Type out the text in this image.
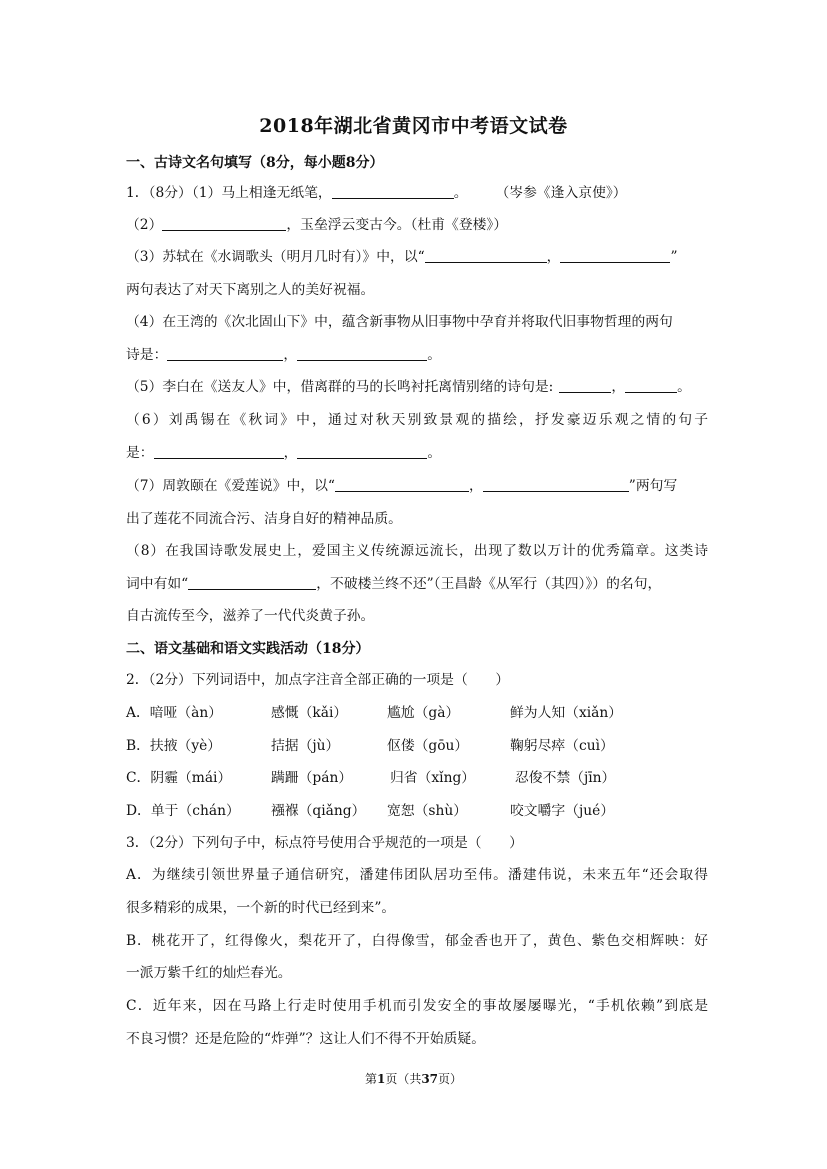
2018年湖北省黄冈市中考语文试卷
一、古诗文名句填写（8分，每小题8分）
1．（8分）（1）马上相逢无纸笔，	。 （岑参《逢入京使》）
（2）	，玉垒浮云变古今。（杜甫《登楼》）
（3）苏轼在《水调歌头（明月几时有）》中，以“	，	”
两句表达了对天下离别之人的美好祝福。
（4）在王湾的《次北固山下》中，蕴含新事物从旧事物中孕育并将取代旧事物哲理的两句
诗是：	，	。
（5）李白在《送友人》中，借离群的马的长鸣衬托离情别绪的诗句是:	，	。
（6）刘禹锡在《秋词》中，通过对秋天别致景观的描绘，抒发豪迈乐观之情的句子
是：	，	。
（7）周敦颐在《爱莲说》中，以“	，	”两句写
出了莲花不同流合污、洁身自好的精神品质。
（8）在我国诗歌发展史上，爱国主义传统源远流长，出现了数以万计的优秀篇章。这类诗
词中有如“	，不破楼兰终不还”（王昌龄《从军行（其四）》）的名句，
自古流传至今，滋养了一代代炎黄子孙。
二、语文基础和语文实践活动（18分）
2．（2分）下列词语中，加点字注音全部正确的一项是（　　）
A．喑哑（àn）	感慨（kǎi）	尴尬（gà）	鲜为人知（xiǎn）
B．扶掖（yè）	拮据（jù）	伛偻（gōu）	鞠躬尽瘁（cuì）
C．阴霾（mái）	蹒跚（pán）	归省（xǐng）	忍俊不禁（jīn）
D．单于（chán） 襁褓（qiǎng） 宽恕（shù）	咬文嚼字（jué）
3．（2分）下列句子中，标点符号使用合乎规范的一项是（　　）
A．为继续引领世界量子通信研究，潘建伟团队居功至伟。潘建伟说，未来五年“还会取得
很多精彩的成果，一个新的时代已经到来”。
B．桃花开了，红得像火，梨花开了，白得像雪，郁金香也开了，黄色、紫色交相辉映：好
一派万紫千红的灿烂春光。
C．近年来，因在马路上行走时使用手机而引发安全的事故屡屡曝光，“手机依赖”到底是
不良习惯？还是危险的“炸弹”？这让人们不得不开始质疑。
第1页（共37页）
